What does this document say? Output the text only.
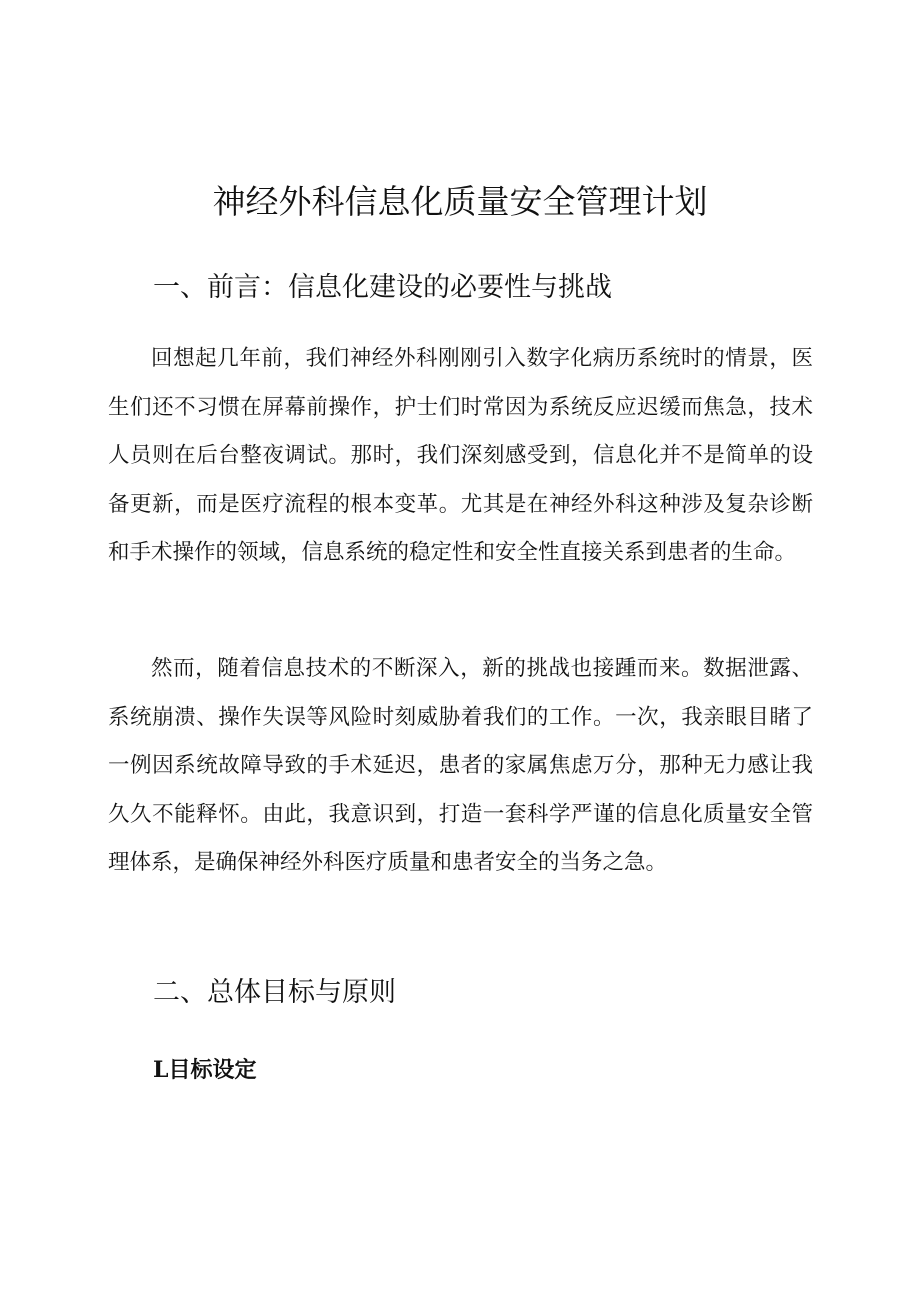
神经外科信息化质量安全管理计划
一、前言：信息化建设的必要性与挑战

回想起几年前，我们神经外科刚刚引入数字化病历系统时的情景，医生们还不习惯在屏幕前操作，护士们时常因为系统反应迟缓而焦急，技术人员则在后台整夜调试。那时，我们深刻感受到，信息化并不是简单的设备更新，而是医疗流程的根本变革。尤其是在神经外科这种涉及复杂诊断和手术操作的领域，信息系统的稳定性和安全性直接关系到患者的生命。

然而，随着信息技术的不断深入，新的挑战也接踵而来。数据泄露、系统崩溃、操作失误等风险时刻威胁着我们的工作。一次，我亲眼目睹了一例因系统故障导致的手术延迟，患者的家属焦虑万分，那种无力感让我久久不能释怀。由此，我意识到，打造一套科学严谨的信息化质量安全管理体系，是确保神经外科医疗质量和患者安全的当务之急。

二、总体目标与原则
L目标设定
